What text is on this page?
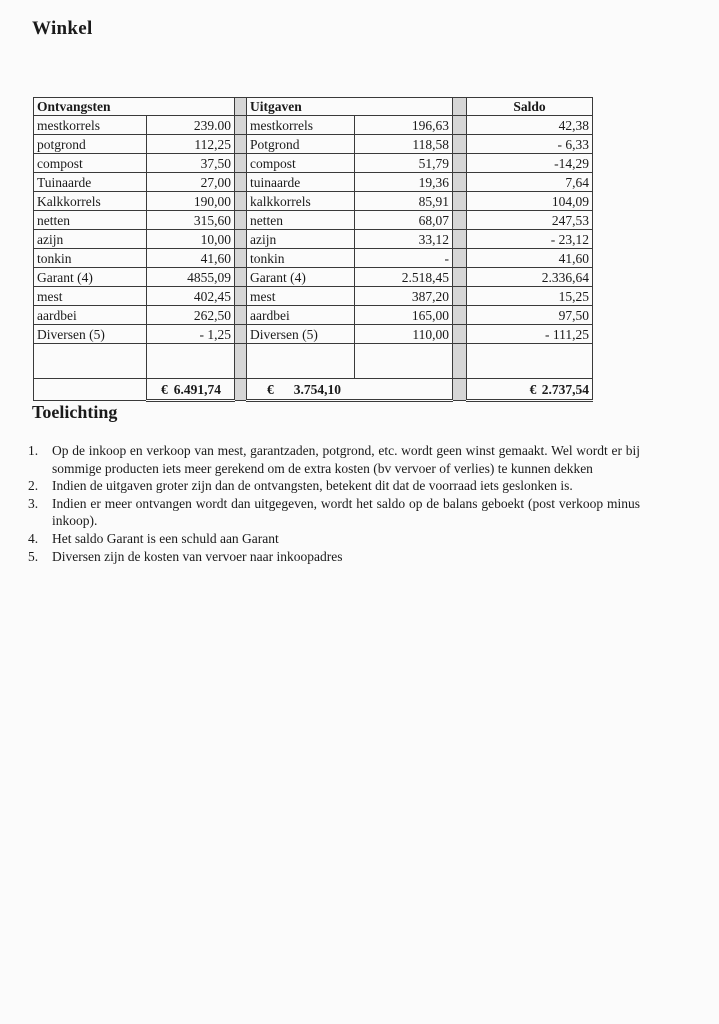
Winkel
Ontvangsten			Uitgaven			Saldo
mestkorrels	239.00		mestkorrels	196,63		42,38
potgrond	112,25		Potgrond	118,58		- 6,33
compost	37,50		compost	51,79		-14,29
Tuinaarde	27,00		tuinaarde	19,36		7,64
Kalkkorrels	190,00		kalkkorrels	85,91		104,09
netten	315,60		netten	68,07		247,53
azijn	10,00		azijn	33,12		- 23,12
tonkin	41,60		tonkin	-		41,60
Garant (4)	4855,09		Garant (4)	2.518,45		2.336,64
mest	402,45		mest	387,20		15,25
aardbei	262,50		aardbei	165,00		97,50
Diversen (5)	- 1,25		Diversen (5)	110,00		- 111,25

	€ 6.491,74		€ 3.754,10			€ 2.737,54
Toelichting
1. Op de inkoop en verkoop van mest, garantzaden, potgrond, etc. wordt geen winst gemaakt. Wel wordt er bij sommige producten iets meer gerekend om de extra kosten (bv vervoer of verlies) te kunnen dekken
2. Indien de uitgaven groter zijn dan de ontvangsten, betekent dit dat de voorraad iets geslonken is.
3. Indien er meer ontvangen wordt dan uitgegeven, wordt het saldo op de balans geboekt (post verkoop minus inkoop).
4. Het saldo Garant is een schuld aan Garant
5. Diversen zijn de kosten van vervoer naar inkoopadres
